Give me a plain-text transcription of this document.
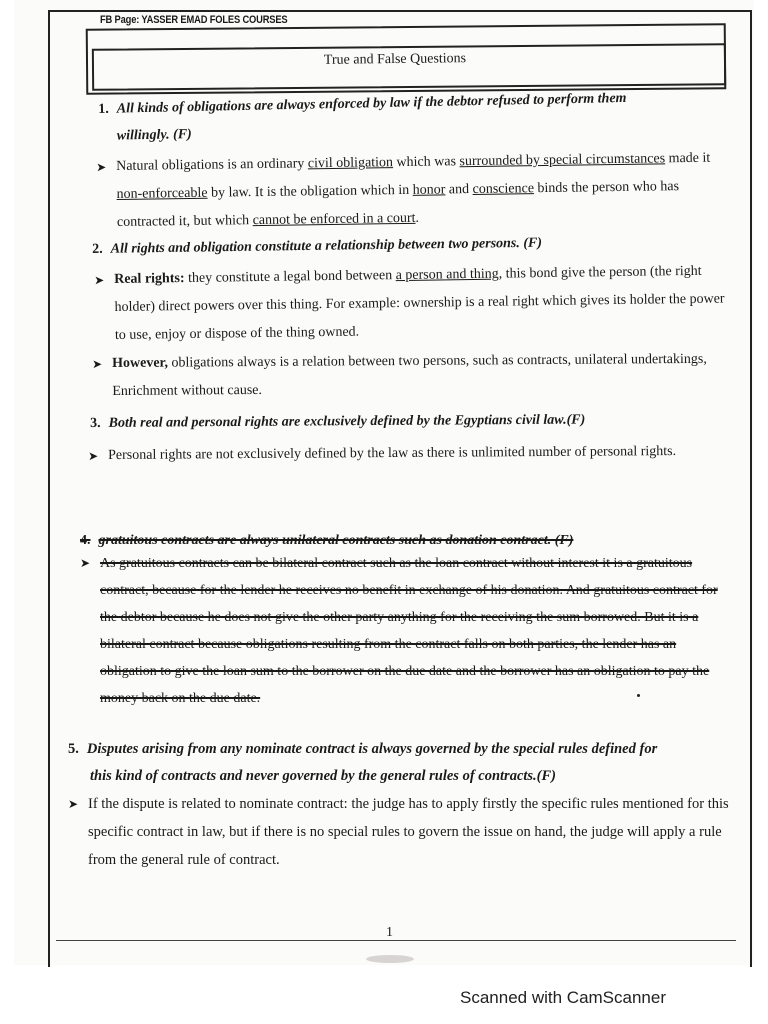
FB Page: YASSER EMAD FOLES COURSES
True and False Questions
1. All kinds of obligations are always enforced by law if the debtor refused to perform them
willingly. (F)
➤ Natural obligations is an ordinary civil obligation which was surrounded by special circumstances made it non-enforceable by law. It is the obligation which in honor and conscience binds the person who has contracted it, but which cannot be enforced in a court.
2. All rights and obligation constitute a relationship between two persons. (F)
➤ Real rights: they constitute a legal bond between a person and thing, this bond give the person (the right holder) direct powers over this thing. For example: ownership is a real right which gives its holder the power to use, enjoy or dispose of the thing owned.
➤ However, obligations always is a relation between two persons, such as contracts, unilateral undertakings, Enrichment without cause.
3. Both real and personal rights are exclusively defined by the Egyptians civil law.(F)
➤ Personal rights are not exclusively defined by the law as there is unlimited number of personal rights.
4. gratuitous contracts are always unilateral contracts such as donation contract. (F)
➤ As gratuitous contracts can be bilateral contract such as the loan contract without interest it is a gratuitous contract, because for the lender he receives no benefit in exchange of his donation. And gratuitous contract for the debtor because he does not give the other party anything for the receiving the sum borrowed. But it is a bilateral contract because obligations resulting from the contract falls on both parties, the lender has an obligation to give the loan sum to the borrower on the due date and the borrower has an obligation to pay the money back on the due date.
5. Disputes arising from any nominate contract is always governed by the special rules defined for
this kind of contracts and never governed by the general rules of contracts.(F)
➤ If the dispute is related to nominate contract: the judge has to apply firstly the specific rules mentioned for this specific contract in law, but if there is no special rules to govern the issue on hand, the judge will apply a rule from the general rule of contract.
1
Scanned with CamScanner
